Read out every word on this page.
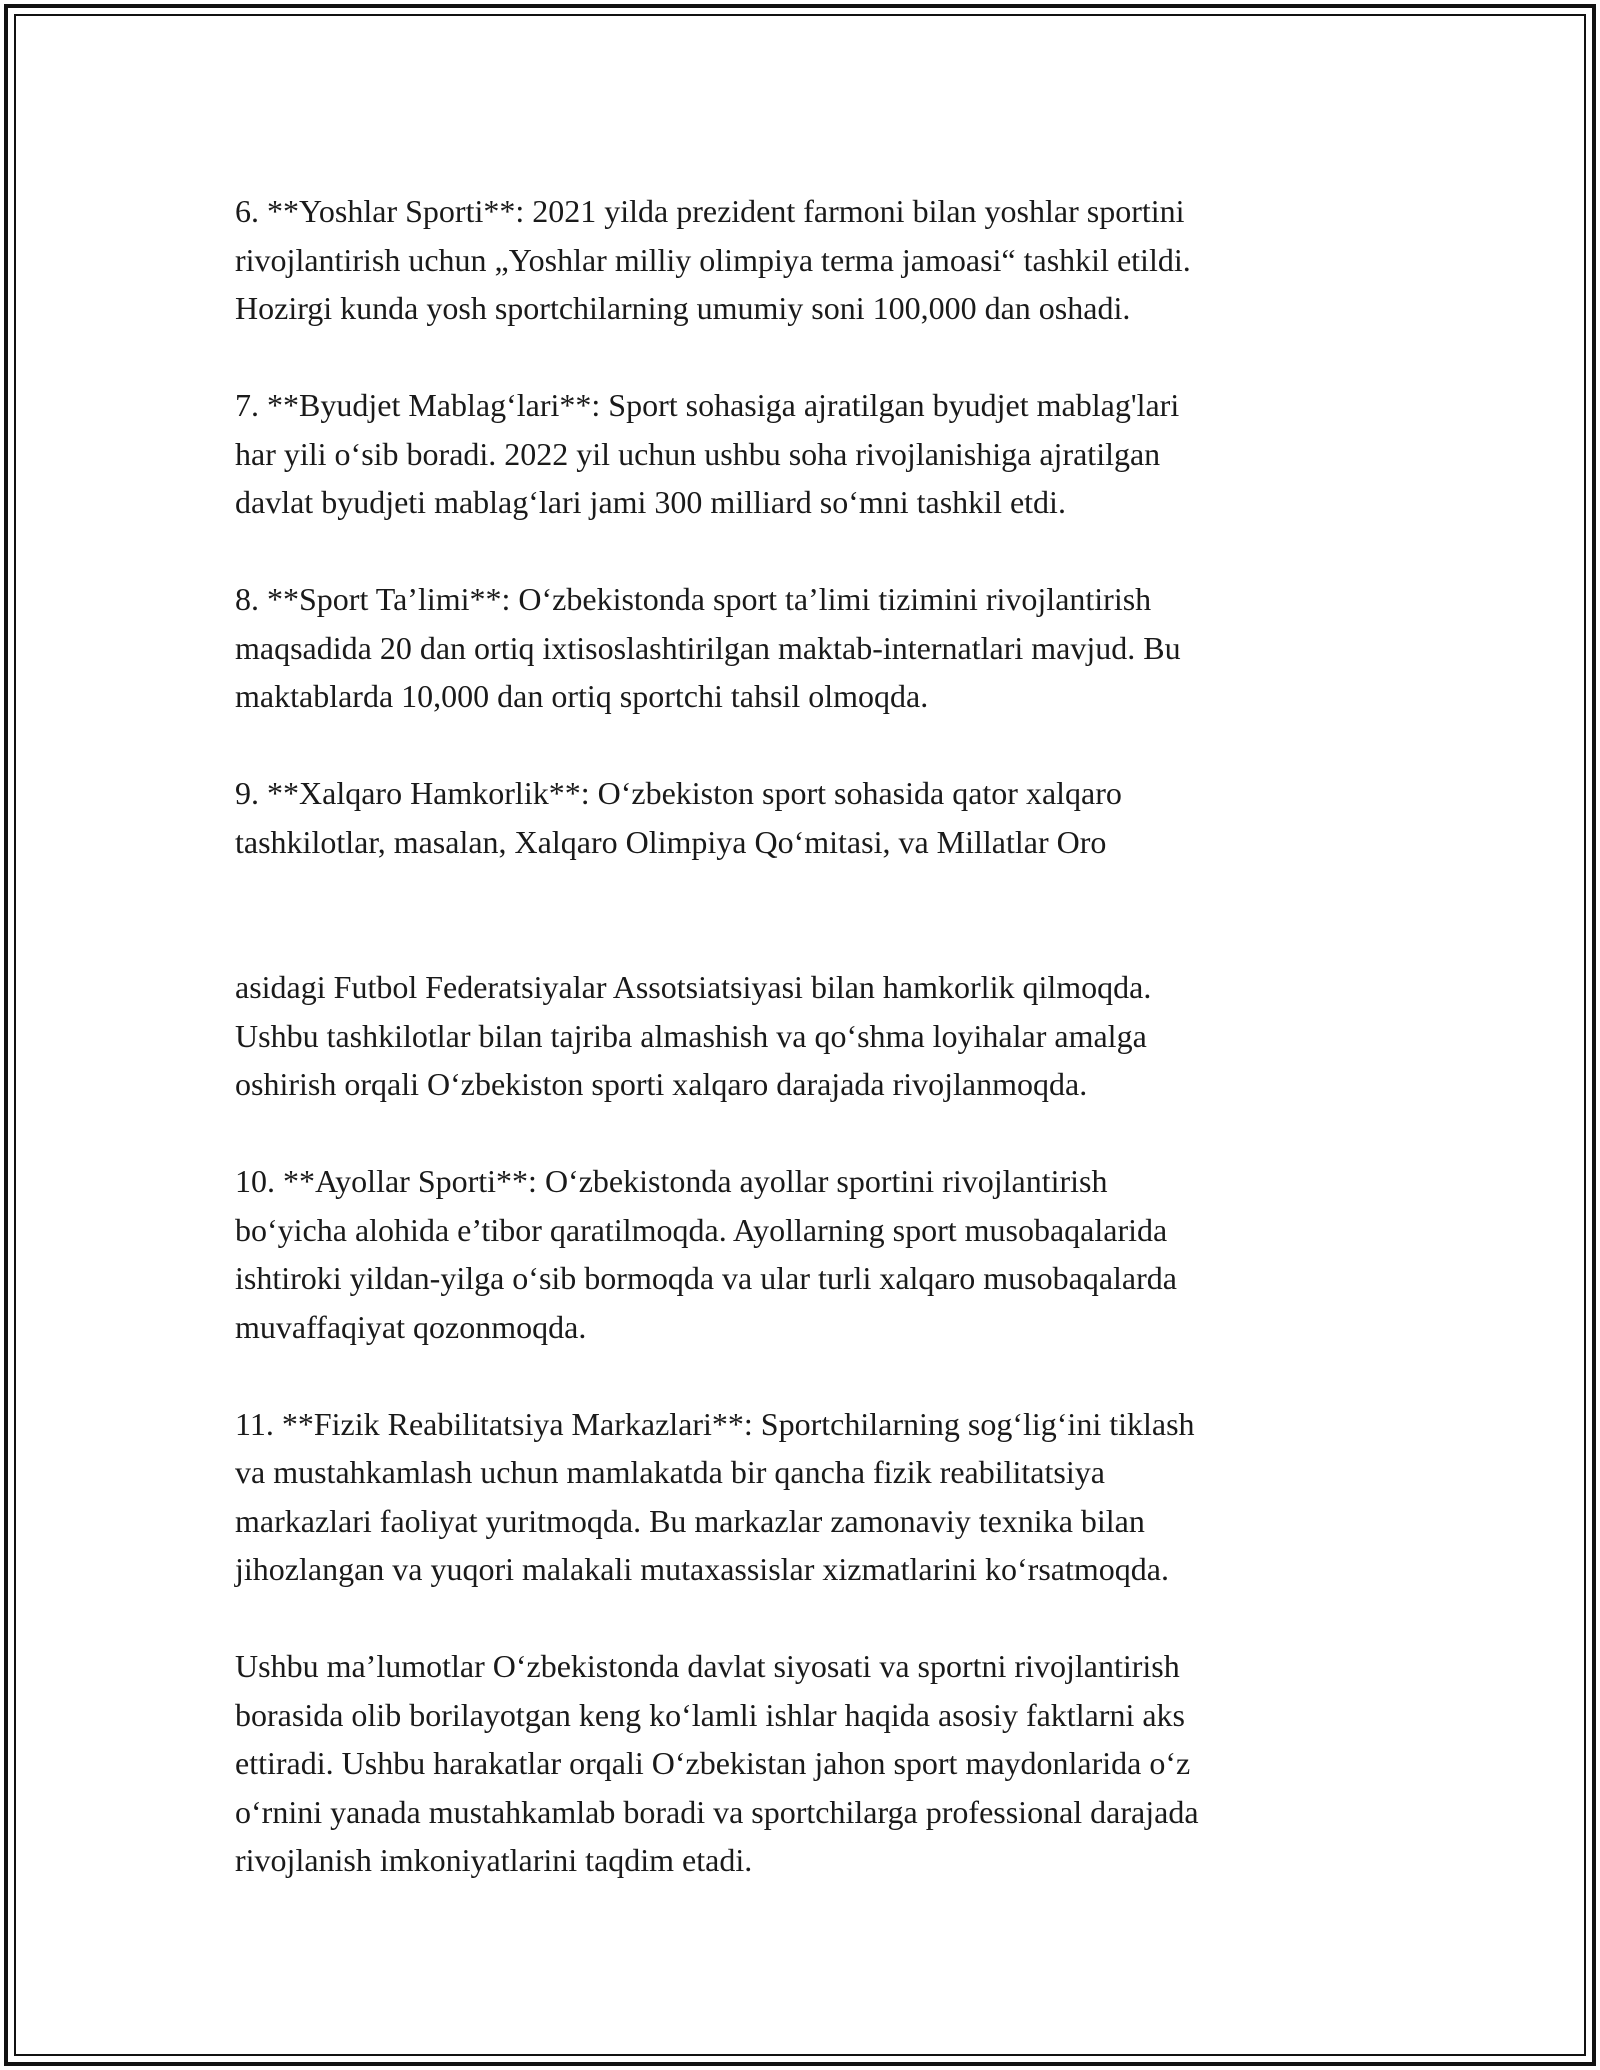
6. **Yoshlar Sporti**: 2021 yilda prezident farmoni bilan yoshlar sportini
rivojlantirish uchun „Yoshlar milliy olimpiya terma jamoasi“ tashkil etildi.
Hozirgi kunda yosh sportchilarning umumiy soni 100,000 dan oshadi.

7. **Byudjet Mablag‘lari**: Sport sohasiga ajratilgan byudjet mablag'lari
har yili o‘sib boradi. 2022 yil uchun ushbu soha rivojlanishiga ajratilgan
davlat byudjeti mablag‘lari jami 300 milliard so‘mni tashkil etdi.

8. **Sport Ta’limi**: O‘zbekistonda sport ta’limi tizimini rivojlantirish
maqsadida 20 dan ortiq ixtisoslashtirilgan maktab-internatlari mavjud. Bu
maktablarda 10,000 dan ortiq sportchi tahsil olmoqda.

9. **Xalqaro Hamkorlik**: O‘zbekiston sport sohasida qator xalqaro
tashkilotlar, masalan, Xalqaro Olimpiya Qo‘mitasi, va Millatlar Oro

asidagi Futbol Federatsiyalar Assotsiatsiyasi bilan hamkorlik qilmoqda.
Ushbu tashkilotlar bilan tajriba almashish va qo‘shma loyihalar amalga
oshirish orqali O‘zbekiston sporti xalqaro darajada rivojlanmoqda.

10. **Ayollar Sporti**: O‘zbekistonda ayollar sportini rivojlantirish
bo‘yicha alohida e’tibor qaratilmoqda. Ayollarning sport musobaqalarida
ishtiroki yildan-yilga o‘sib bormoqda va ular turli xalqaro musobaqalarda
muvaffaqiyat qozonmoqda.

11. **Fizik Reabilitatsiya Markazlari**: Sportchilarning sog‘lig‘ini tiklash
va mustahkamlash uchun mamlakatda bir qancha fizik reabilitatsiya
markazlari faoliyat yuritmoqda. Bu markazlar zamonaviy texnika bilan
jihozlangan va yuqori malakali mutaxassislar xizmatlarini ko‘rsatmoqda.

Ushbu ma’lumotlar O‘zbekistonda davlat siyosati va sportni rivojlantirish
borasida olib borilayotgan keng ko‘lamli ishlar haqida asosiy faktlarni aks
ettiradi. Ushbu harakatlar orqali O‘zbekistan jahon sport maydonlarida o‘z
o‘rnini yanada mustahkamlab boradi va sportchilarga professional darajada
rivojlanish imkoniyatlarini taqdim etadi.
